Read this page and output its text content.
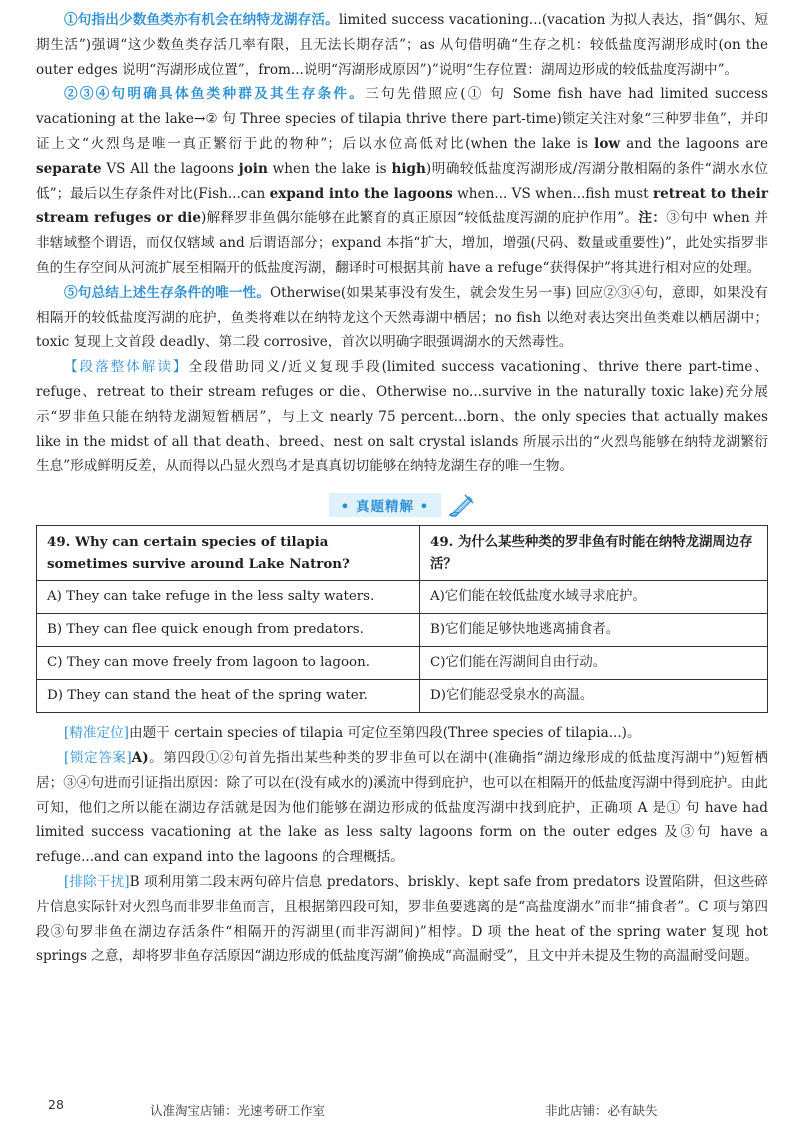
①句指出少数鱼类亦有机会在纳特龙湖存活。limited success vacationing...(vacation 为拟人表达，指“偶尔、短期生活”)强调“这少数鱼类存活几率有限，且无法长期存活”；as 从句借明确“生存之机：较低盐度泻湖形成时(on the outer edges 说明“泻湖形成位置”，from...说明“泻湖形成原因”)”说明“生存位置：湖周边形成的较低盐度泻湖中”。

②③④句明确具体鱼类种群及其生存条件。三句先借照应(① 句 Some fish have had limited success vacationing at the lake→② 句 Three species of tilapia thrive there part-time)锁定关注对象“三种罗非鱼”，并印证上文“火烈鸟是唯一真正繁衍于此的物种”；后以水位高低对比(when the lake is low and the lagoons are separate VS All the lagoons join when the lake is high)明确较低盐度泻湖形成/泻湖分散相隔的条件“湖水水位低”；最后以生存条件对比(Fish...can expand into the lagoons when... VS when...fish must retreat to their stream refuges or die)解释罗非鱼偶尔能够在此繁育的真正原因“较低盐度泻湖的庇护作用”。注：③句中 when 并非辖域整个谓语，而仅仅辖域 and 后谓语部分；expand 本指“扩大，增加，增强(尺码、数量或重要性)”，此处实指罗非鱼的生存空间从河流扩展至相隔开的低盐度泻湖，翻译时可根据其前 have a refuge“获得保护”将其进行相对应的处理。

⑤句总结上述生存条件的唯一性。Otherwise(如果某事没有发生，就会发生另一事) 回应②③④句，意即，如果没有相隔开的较低盐度泻湖的庇护，鱼类将难以在纳特龙这个天然毒湖中栖居；no fish 以绝对表达突出鱼类难以栖居湖中；toxic 复现上文首段 deadly、第二段 corrosive，首次以明确字眼强调湖水的天然毒性。

【段落整体解读】全段借助同义/近义复现手段(limited success vacationing、thrive there part-time、refuge、retreat to their stream refuges or die、Otherwise no...survive in the naturally toxic lake)充分展示“罗非鱼只能在纳特龙湖短暂栖居”，与上文 nearly 75 percent...born、the only species that actually makes like in the midst of all that death、breed、nest on salt crystal islands 所展示出的“火烈鸟能够在纳特龙湖繁衍生息”形成鲜明反差，从而得以凸显火烈鸟才是真真切切能够在纳特龙湖生存的唯一生物。

• 真题精解 •
49. Why can certain species of tilapia sometimes survive around Lake Natron?	49. 为什么某些种类的罗非鱼有时能在纳特龙湖周边存活？
A) They can take refuge in the less salty waters.	A)它们能在较低盐度水域寻求庇护。
B) They can flee quick enough from predators.	B)它们能足够快地逃离捕食者。
C) They can move freely from lagoon to lagoon.	C)它们能在泻湖间自由行动。
D) They can stand the heat of the spring water.	D)它们能忍受泉水的高温。

[精准定位]由题干 certain species of tilapia 可定位至第四段(Three species of tilapia...)。

[锁定答案]A)。第四段①②句首先指出某些种类的罗非鱼可以在湖中(准确指“湖边缘形成的低盐度泻湖中”)短暂栖居；③④句进而引证指出原因：除了可以在(没有咸水的)溪流中得到庇护，也可以在相隔开的低盐度泻湖中得到庇护。由此可知，他们之所以能在湖边存活就是因为他们能够在湖边形成的低盐度泻湖中找到庇护，正确项 A 是① 句 have had limited success vacationing at the lake as less salty lagoons form on the outer edges 及③句 have a refuge...and can expand into the lagoons 的合理概括。

[排除干扰]B 项利用第二段末两句碎片信息 predators、briskly、kept safe from predators 设置陷阱，但这些碎片信息实际针对火烈鸟而非罗非鱼而言，且根据第四段可知，罗非鱼要逃离的是“高盐度湖水”而非“捕食者”。C 项与第四段③句罗非鱼在湖边存活条件“相隔开的泻湖里(而非泻湖间)”相悖。D 项 the heat of the spring water 复现 hot springs 之意，却将罗非鱼存活原因“湖边形成的低盐度泻湖”偷换成“高温耐受”，且文中并未提及生物的高温耐受问题。

28	认准淘宝店铺：光速考研工作室	非此店铺：必有缺失
